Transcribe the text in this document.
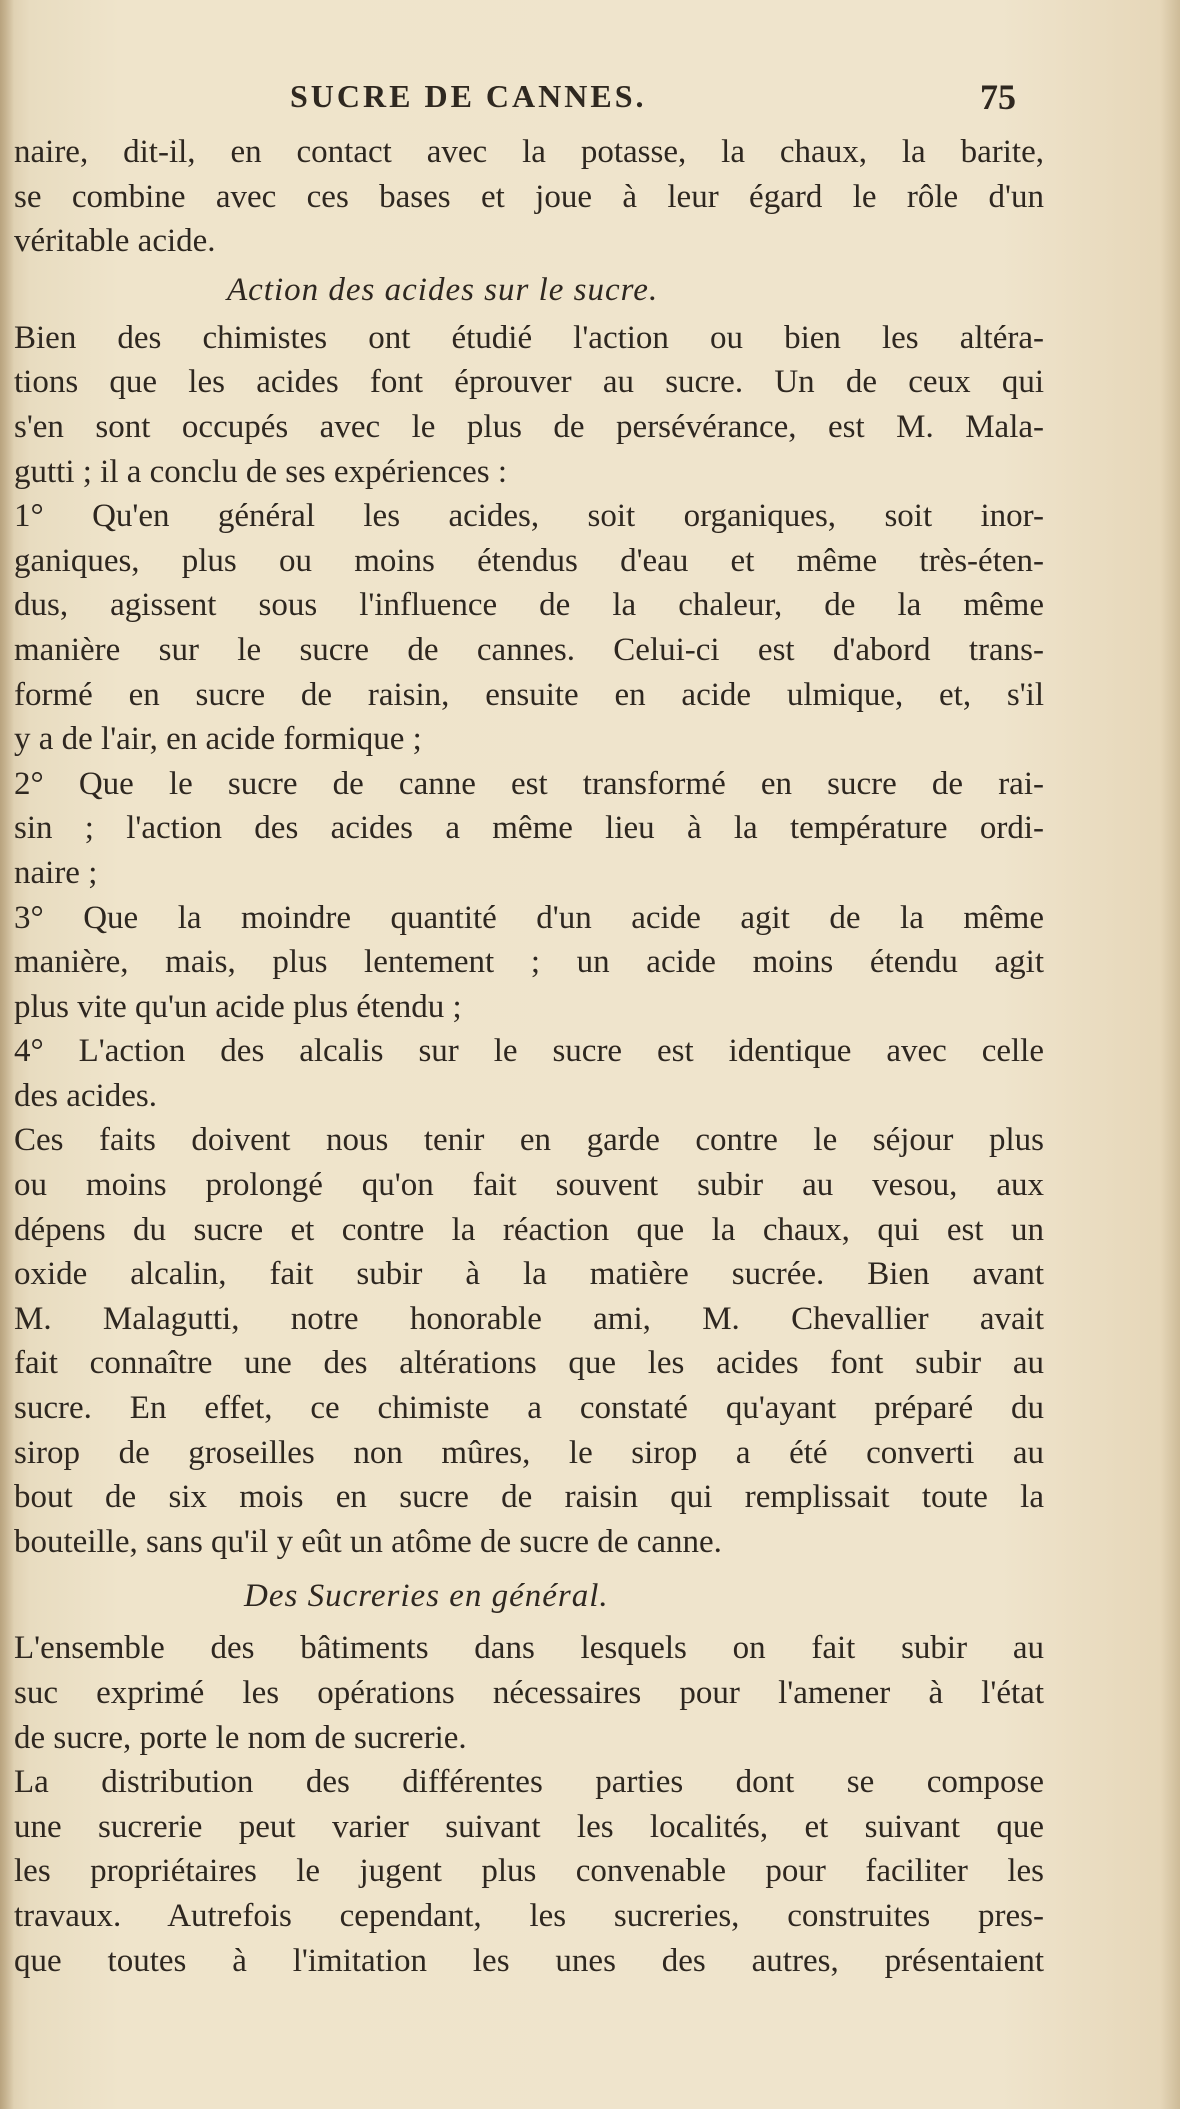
SUCRE DE CANNES.	75
naire, dit-il, en contact avec la potasse, la chaux, la barite,
se combine avec ces bases et joue à leur égard le rôle d'un
véritable acide.
Action des acides sur le sucre.
Bien des chimistes ont étudié l'action ou bien les altéra-
tions que les acides font éprouver au sucre. Un de ceux qui
s'en sont occupés avec le plus de persévérance, est M. Mala-
gutti ; il a conclu de ses expériences :
1° Qu'en général les acides, soit organiques, soit inor-
ganiques, plus ou moins étendus d'eau et même très-éten-
dus, agissent sous l'influence de la chaleur, de la même
manière sur le sucre de cannes. Celui-ci est d'abord trans-
formé en sucre de raisin, ensuite en acide ulmique, et, s'il
y a de l'air, en acide formique ;
2° Que le sucre de canne est transformé en sucre de rai-
sin ; l'action des acides a même lieu à la température ordi-
naire ;
3° Que la moindre quantité d'un acide agit de la même
manière, mais, plus lentement ; un acide moins étendu agit
plus vite qu'un acide plus étendu ;
4° L'action des alcalis sur le sucre est identique avec celle
des acides.
Ces faits doivent nous tenir en garde contre le séjour plus
ou moins prolongé qu'on fait souvent subir au vesou, aux
dépens du sucre et contre la réaction que la chaux, qui est un
oxide alcalin, fait subir à la matière sucrée. Bien avant
M. Malagutti, notre honorable ami, M. Chevallier avait
fait connaître une des altérations que les acides font subir au
sucre. En effet, ce chimiste a constaté qu'ayant préparé du
sirop de groseilles non mûres, le sirop a été converti au
bout de six mois en sucre de raisin qui remplissait toute la
bouteille, sans qu'il y eût un atôme de sucre de canne.
Des Sucreries en général.
L'ensemble des bâtiments dans lesquels on fait subir au
suc exprimé les opérations nécessaires pour l'amener à l'état
de sucre, porte le nom de sucrerie.
La distribution des différentes parties dont se compose
une sucrerie peut varier suivant les localités, et suivant que
les propriétaires le jugent plus convenable pour faciliter les
travaux. Autrefois cependant, les sucreries, construites pres-
que toutes à l'imitation les unes des autres, présentaient
